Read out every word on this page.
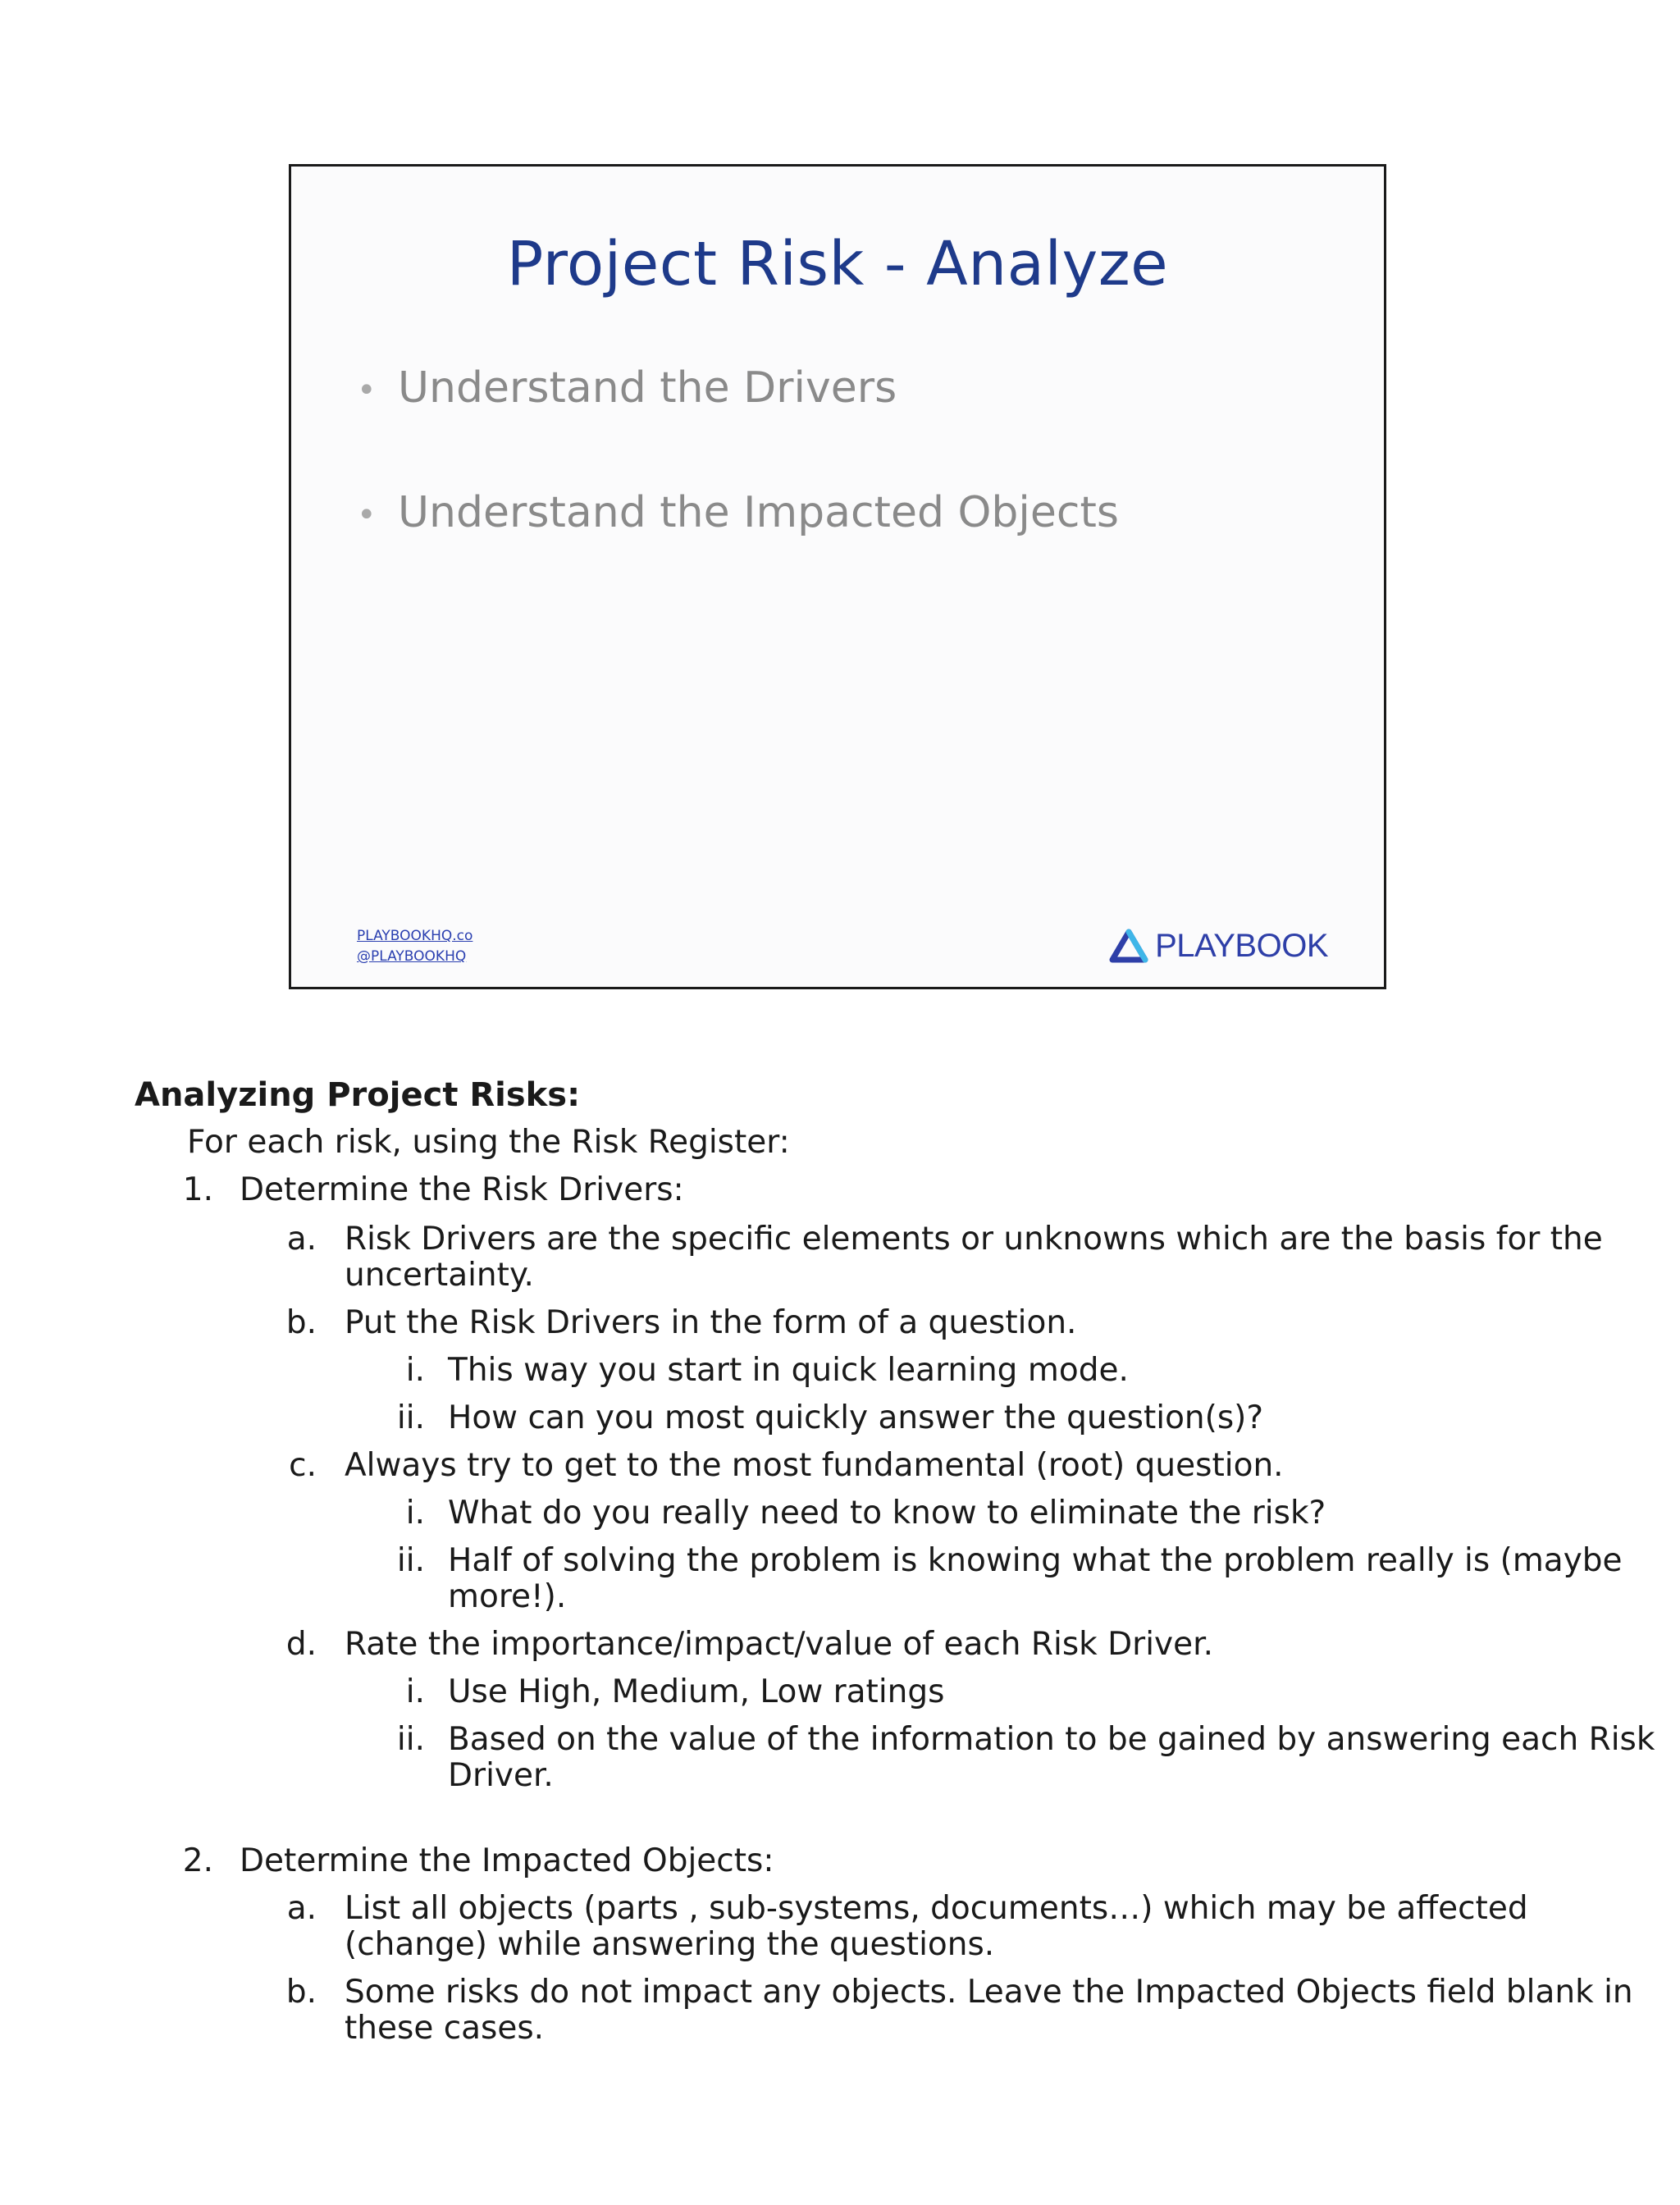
Project Risk - Analyze
• Understand the Drivers
• Understand the Impacted Objects
PLAYBOOKHQ.co
@PLAYBOOKHQ	PLAYBOOK
Analyzing Project Risks:
For each risk, using the Risk Register:
1. Determine the Risk Drivers:
a. Risk Drivers are the specific elements or unknowns which are the basis for the
uncertainty.
b. Put the Risk Drivers in the form of a question.
i. This way you start in quick learning mode.
ii. How can you most quickly answer the question(s)?
c. Always try to get to the most fundamental (root) question.
i. What do you really need to know to eliminate the risk?
ii. Half of solving the problem is knowing what the problem really is (maybe
more!).
d. Rate the importance/impact/value of each Risk Driver.
i. Use High, Medium, Low ratings
ii. Based on the value of the information to be gained by answering each Risk
Driver.
2. Determine the Impacted Objects:
a. List all objects (parts , sub-systems, documents…) which may be affected
(change) while answering the questions.
b. Some risks do not impact any objects. Leave the Impacted Objects field blank in
these cases.
